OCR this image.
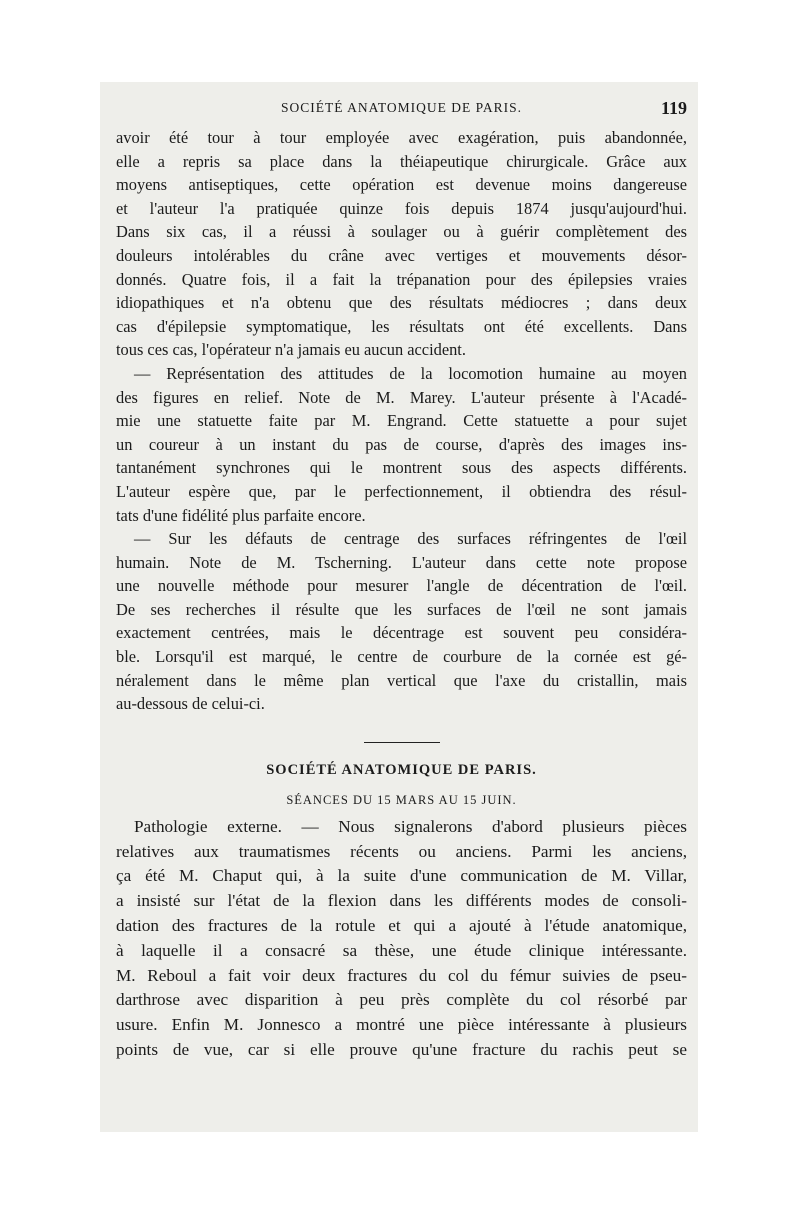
SOCIÉTÉ ANATOMIQUE DE PARIS.	119
avoir été tour à tour employée avec exagération, puis abandonnée,
elle a repris sa place dans la théiapeutique chirurgicale. Grâce aux
moyens antiseptiques, cette opération est devenue moins dangereuse
et l'auteur l'a pratiquée quinze fois depuis 1874 jusqu'aujourd'hui.
Dans six cas, il a réussi à soulager ou à guérir complètement des
douleurs intolérables du crâne avec vertiges et mouvements désor-
donnés. Quatre fois, il a fait la trépanation pour des épilepsies vraies
idiopathiques et n'a obtenu que des résultats médiocres ; dans deux
cas d'épilepsie symptomatique, les résultats ont été excellents. Dans
tous ces cas, l'opérateur n'a jamais eu aucun accident.
— Représentation des attitudes de la locomotion humaine au moyen
des figures en relief. Note de M. Marey. L'auteur présente à l'Acadé-
mie une statuette faite par M. Engrand. Cette statuette a pour sujet
un coureur à un instant du pas de course, d'après des images ins-
tantanément synchrones qui le montrent sous des aspects différents.
L'auteur espère que, par le perfectionnement, il obtiendra des résul-
tats d'une fidélité plus parfaite encore.
— Sur les défauts de centrage des surfaces réfringentes de l'œil
humain. Note de M. Tscherning. L'auteur dans cette note propose
une nouvelle méthode pour mesurer l'angle de décentration de l'œil.
De ses recherches il résulte que les surfaces de l'œil ne sont jamais
exactement centrées, mais le décentrage est souvent peu considéra-
ble. Lorsqu'il est marqué, le centre de courbure de la cornée est gé-
néralement dans le même plan vertical que l'axe du cristallin, mais
au-dessous de celui-ci.
SOCIÉTÉ ANATOMIQUE DE PARIS.
SÉANCES DU 15 MARS AU 15 JUIN.
Pathologie externe. — Nous signalerons d'abord plusieurs pièces
relatives aux traumatismes récents ou anciens. Parmi les anciens,
ça été M. Chaput qui, à la suite d'une communication de M. Villar,
a insisté sur l'état de la flexion dans les différents modes de consoli-
dation des fractures de la rotule et qui a ajouté à l'étude anatomique,
à laquelle il a consacré sa thèse, une étude clinique intéressante.
M. Reboul a fait voir deux fractures du col du fémur suivies de pseu-
darthrose avec disparition à peu près complète du col résorbé par
usure. Enfin M. Jonnesco a montré une pièce intéressante à plusieurs
points de vue, car si elle prouve qu'une fracture du rachis peut se
